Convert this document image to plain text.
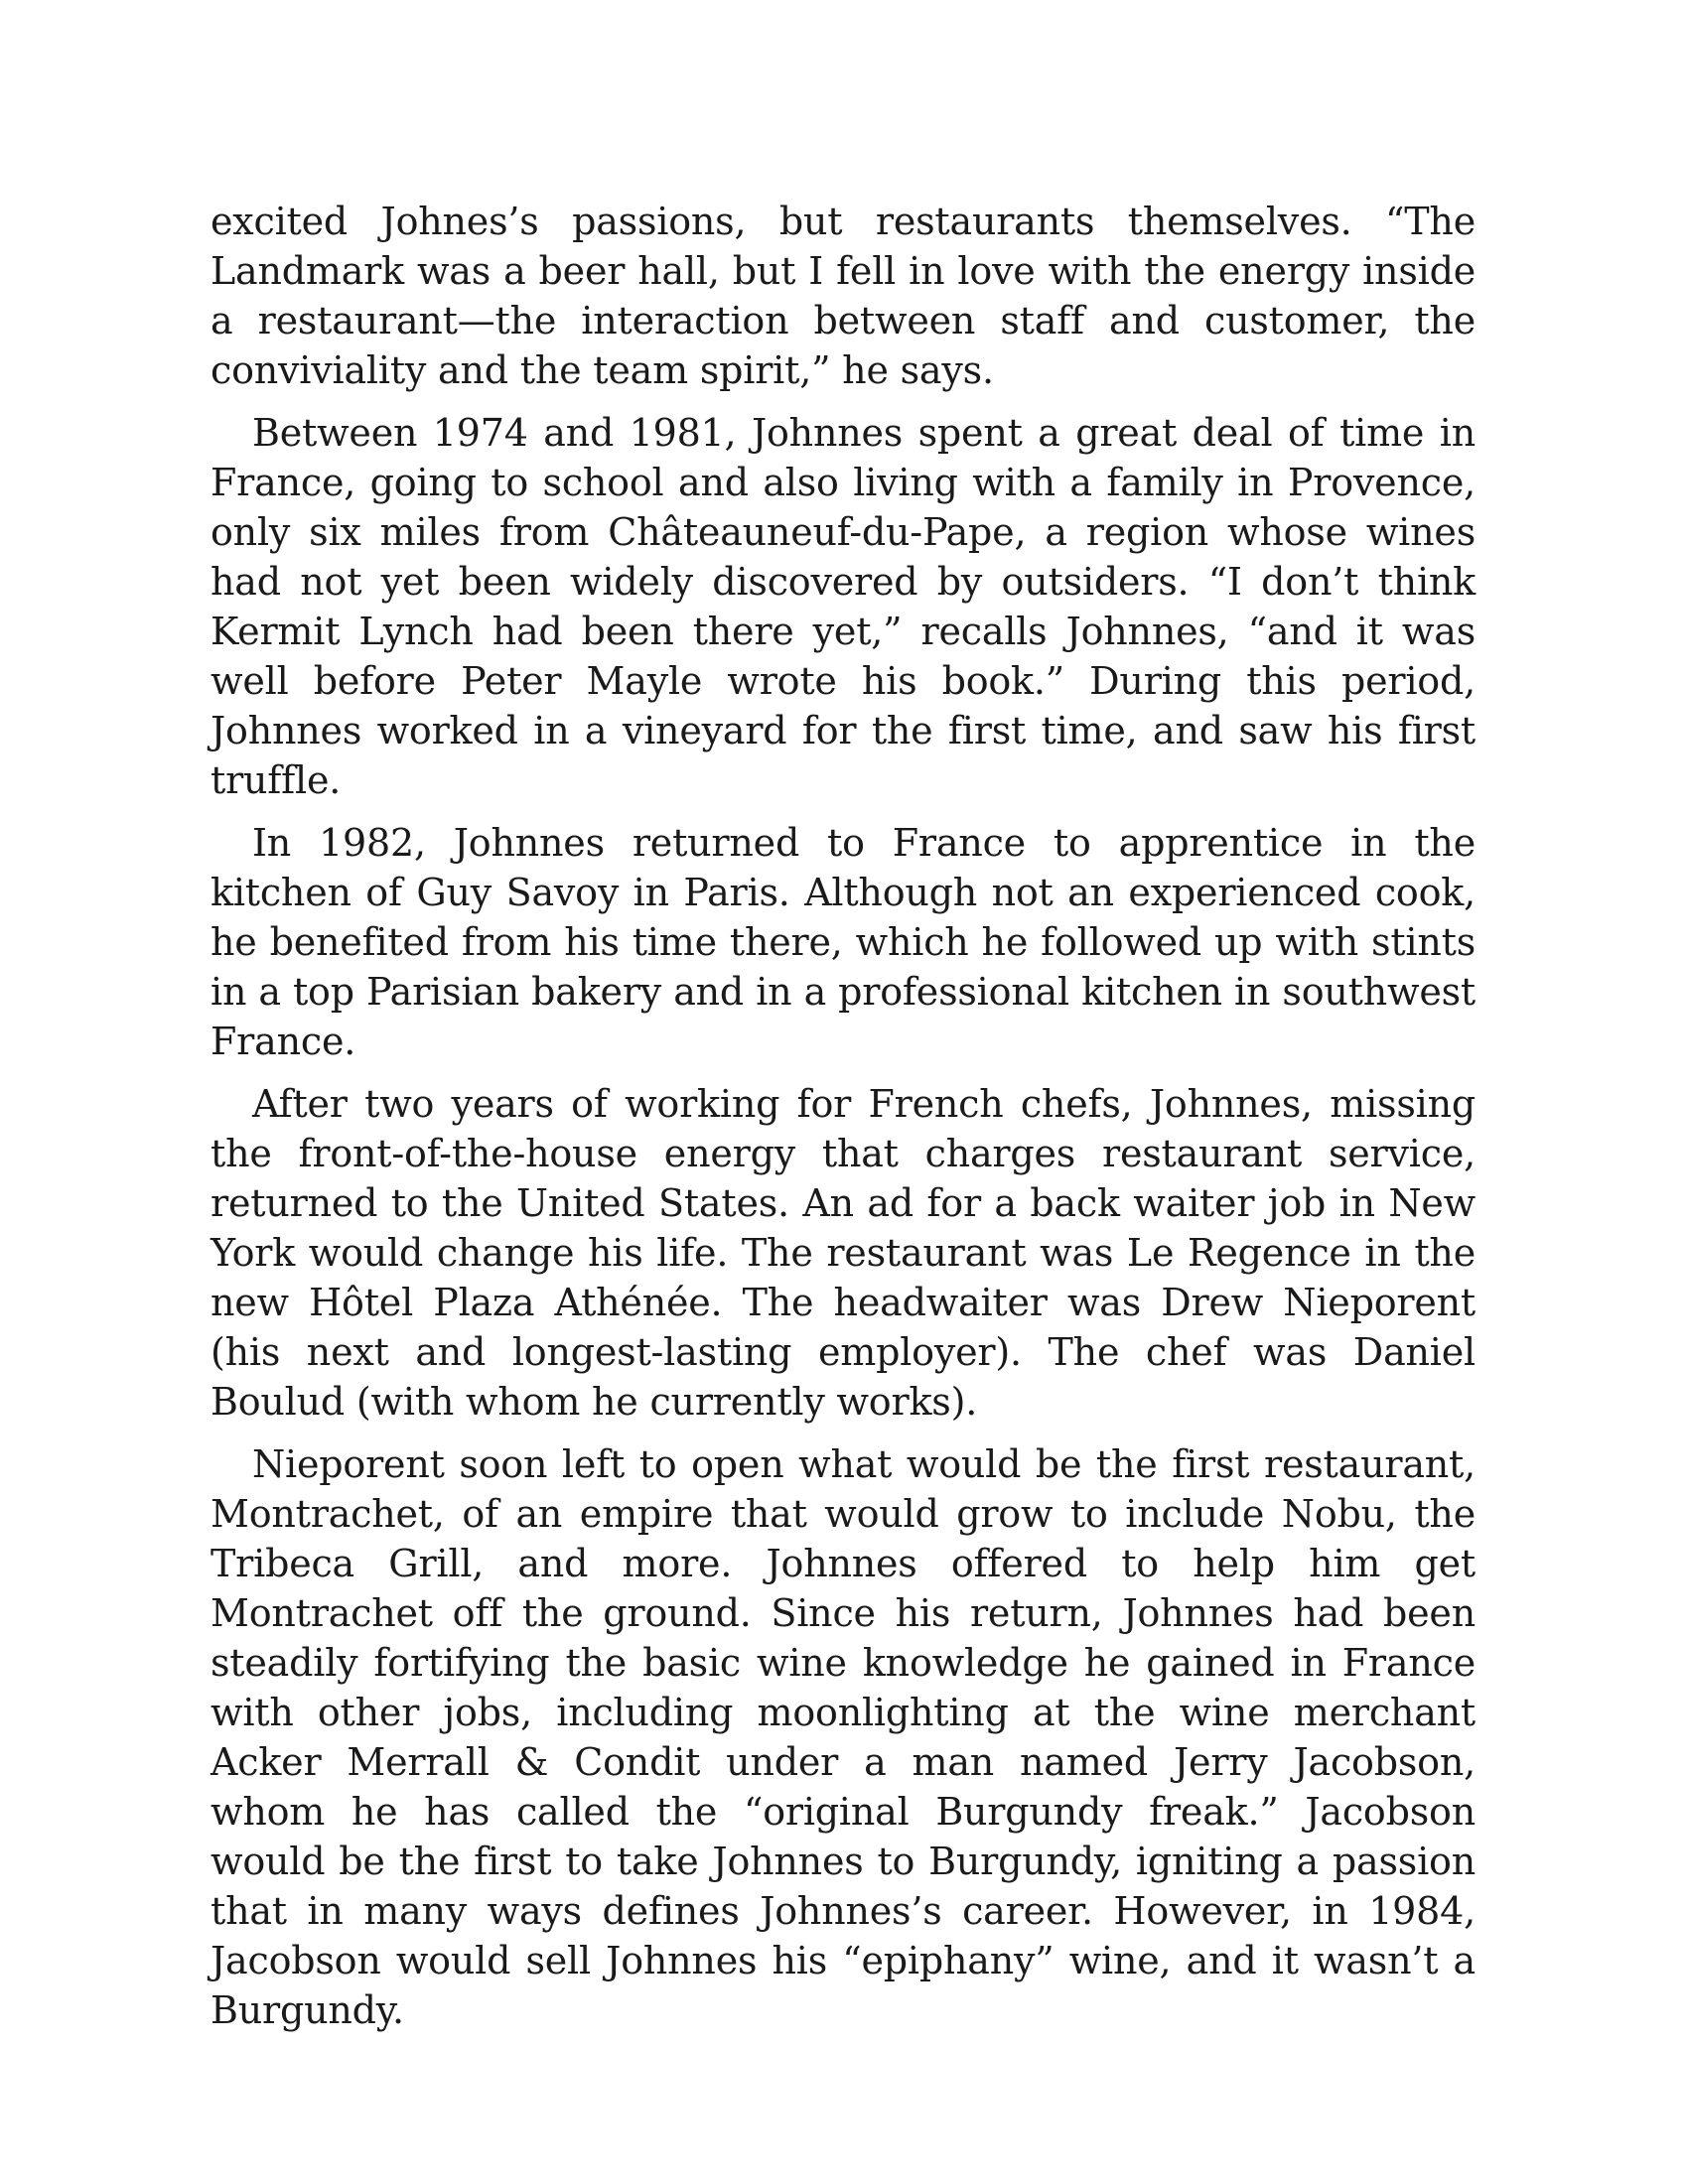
excited Johnes’s passions, but restaurants themselves. “The Landmark was a beer hall, but I fell in love with the energy inside a restaurant—the interaction between staff and customer, the conviviality and the team spirit,” he says.

Between 1974 and 1981, Johnnes spent a great deal of time in France, going to school and also living with a family in Provence, only six miles from Châteauneuf-du-Pape, a region whose wines had not yet been widely discovered by outsiders. “I don’t think Kermit Lynch had been there yet,” recalls Johnnes, “and it was well before Peter Mayle wrote his book.” During this period, Johnnes worked in a vineyard for the first time, and saw his first truffle.

In 1982, Johnnes returned to France to apprentice in the kitchen of Guy Savoy in Paris. Although not an experienced cook, he benefited from his time there, which he followed up with stints in a top Parisian bakery and in a professional kitchen in southwest France.

After two years of working for French chefs, Johnnes, missing the front-of-the-house energy that charges restaurant service, returned to the United States. An ad for a back waiter job in New York would change his life. The restaurant was Le Regence in the new Hôtel Plaza Athénée. The headwaiter was Drew Nieporent (his next and longest-lasting employer). The chef was Daniel Boulud (with whom he currently works).

Nieporent soon left to open what would be the first restaurant, Montrachet, of an empire that would grow to include Nobu, the Tribeca Grill, and more. Johnnes offered to help him get Montrachet off the ground. Since his return, Johnnes had been steadily fortifying the basic wine knowledge he gained in France with other jobs, including moonlighting at the wine merchant Acker Merrall & Condit under a man named Jerry Jacobson, whom he has called the “original Burgundy freak.” Jacobson would be the first to take Johnnes to Burgundy, igniting a passion that in many ways defines Johnnes’s career. However, in 1984, Jacobson would sell Johnnes his “epiphany” wine, and it wasn’t a Burgundy.
